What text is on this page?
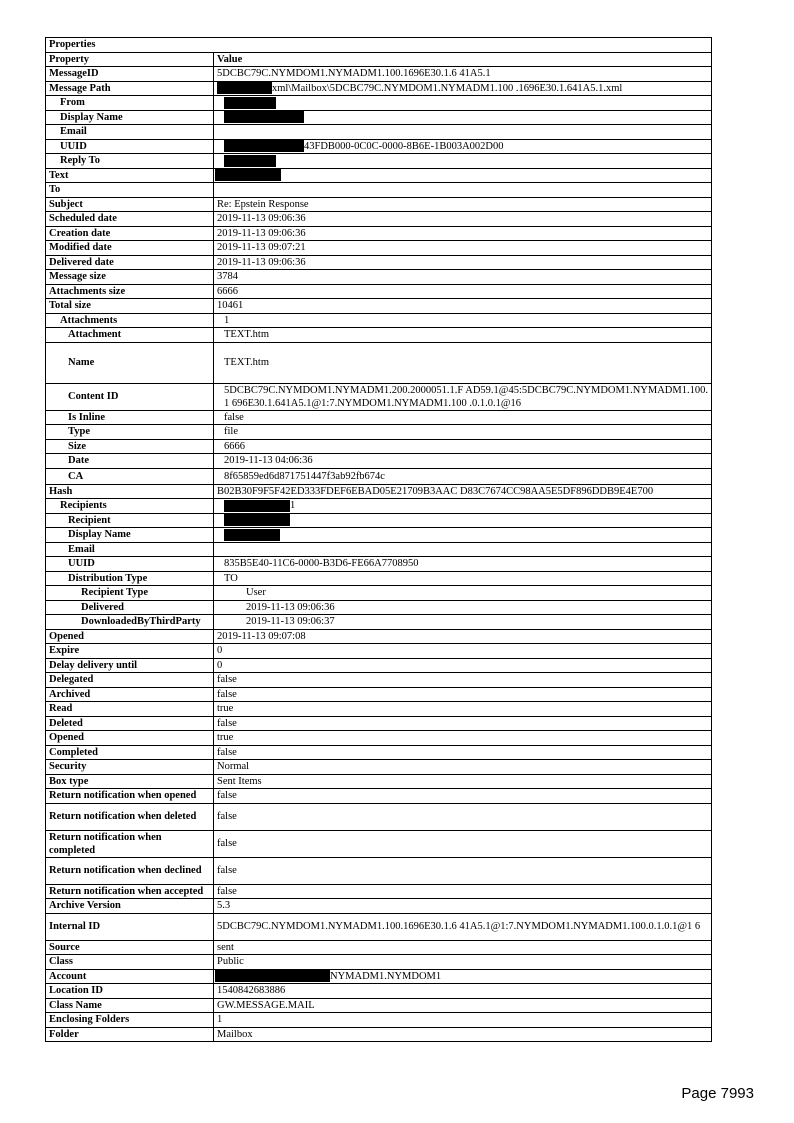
Properties	
Property	Value
MessageID	5DCBC79C.NYMDOM1.NYMADM1.100.1696E30.1.6 41A5.1
Message Path	xml\Mailbox\5DCBC79C.NYMDOM1.NYMADM1.100 .1696E30.1.641A5.1.xml
From	
Display Name	
Email	
UUID	43FDB000-0C0C-0000-8B6E-1B003A002D00
Reply To	
Text	
To	
Subject	Re: Epstein Response
Scheduled date	2019-11-13 09:06:36
Creation date	2019-11-13 09:06:36
Modified date	2019-11-13 09:07:21
Delivered date	2019-11-13 09:06:36
Message size	3784
Attachments size	6666
Total size	10461
Attachments	1
Attachment	TEXT.htm
Name	TEXT.htm
Content ID	5DCBC79C.NYMDOM1.NYMADM1.200.2000051.1.F AD59.1@45:5DCBC79C.NYMDOM1.NYMADM1.100.1 696E30.1.641A5.1@1:7.NYMDOM1.NYMADM1.100 .0.1.0.1@16
Is Inline	false
Type	file
Size	6666
Date	2019-11-13 04:06:36
CA	8f65859ed6d871751447f3ab92fb674c
Hash	B02B30F9F5F42ED333FDEF6EBAD05E21709B3AAC D83C7674CC98AA5E5DF896DDB9E4E700
Recipients	1
Recipient	
Display Name	
Email	
UUID	835B5E40-11C6-0000-B3D6-FE66A7708950
Distribution Type	TO
Recipient Type	User
Delivered	2019-11-13 09:06:36
DownloadedByThirdParty	2019-11-13 09:06:37
Opened	2019-11-13 09:07:08
Expire	0
Delay delivery until	0
Delegated	false
Archived	false
Read	true
Deleted	false
Opened	true
Completed	false
Security	Normal
Box type	Sent Items
Return notification when opened	false
Return notification when deleted	false
Return notification when completed	false
Return notification when declined	false
Return notification when accepted	false
Archive Version	5.3
Internal ID	5DCBC79C.NYMDOM1.NYMADM1.100.1696E30.1.6 41A5.1@1:7.NYMDOM1.NYMADM1.100.0.1.0.1@1 6
Source	sent
Class	Public
Account	NYMADM1.NYMDOM1
Location ID	1540842683886
Class Name	GW.MESSAGE.MAIL
Enclosing Folders	1
Folder	Mailbox
Page 7993
